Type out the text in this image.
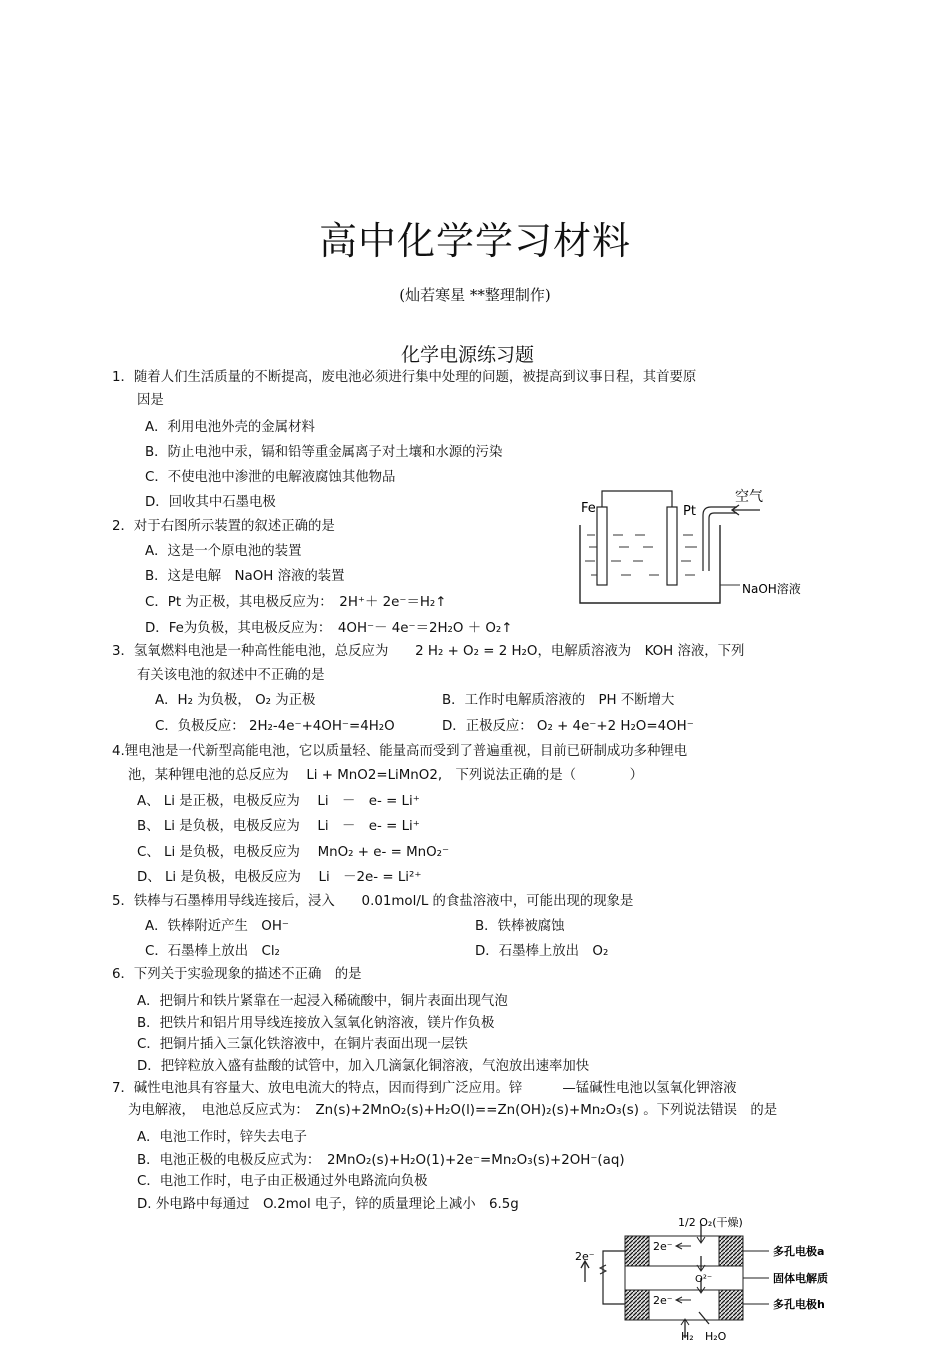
高中化学学习材料
(灿若寒星 **整理制作)
化学电源练习题
1．随着人们生活质量的不断提高，废电池必须进行集中处理的问题，被提高到议事日程，其首要原
因是
A．利用电池外壳的金属材料
B．防止电池中汞，镉和铅等重金属离子对土壤和水源的污染
C．不使电池中渗泄的电解液腐蚀其他物品
D．回收其中石墨电极
2．对于右图所示装置的叙述正确的是
A．这是一个原电池的装置
B．这是电解　NaOH 溶液的装置
C．Pt 为正极，其电极反应为：　2H⁺＋ 2e⁻＝H₂↑
D．Fe为负极，其电极反应为：　4OH⁻－ 4e⁻＝2H₂O ＋ O₂↑
3．氢氧燃料电池是一种高性能电池，总反应为　　2 H₂ + O₂ = 2 H₂O，电解质溶液为　KOH 溶液，下列
有关该电池的叙述中不正确的是
A．H₂ 为负极， O₂ 为正极	B．工作时电解质溶液的　PH 不断增大
C．负极反应： 2H₂-4e⁻+4OH⁻=4H₂O	D．正极反应： O₂ + 4e⁻+2 H₂O=4OH⁻
4.锂电池是一代新型高能电池，它以质量轻、能量高而受到了普遍重视，目前已研制成功多种锂电
池，某种锂电池的总反应为　 Li + MnO2=LiMnO2,　下列说法正确的是（　　　　）
A、 Li 是正极，电极反应为　 Li　－　e- = Li⁺
B、 Li 是负极，电极反应为　 Li　－　e- = Li⁺
C、 Li 是负极，电极反应为　 MnO₂ + e- = MnO₂⁻
D、 Li 是负极，电极反应为　 Li　－2e- = Li²⁺
5．铁棒与石墨棒用导线连接后，浸入　　0.01mol/L 的食盐溶液中，可能出现的现象是
A．铁棒附近产生　OH⁻	B．铁棒被腐蚀
C．石墨棒上放出　Cl₂	D．石墨棒上放出　O₂
6．下列关于实验现象的描述不正确　的是
A．把铜片和铁片紧靠在一起浸入稀硫酸中，铜片表面出现气泡
B．把铁片和铝片用导线连接放入氢氧化钠溶液，镁片作负极
C．把铜片插入三氯化铁溶液中，在铜片表面出现一层铁
D．把锌粒放入盛有盐酸的试管中，加入几滴氯化铜溶液，气泡放出速率加快
7．碱性电池具有容量大、放电电流大的特点，因而得到广泛应用。锌　　　—锰碱性电池以氢氧化钾溶液
为电解液，　电池总反应式为：　Zn(s)+2MnO₂(s)+H₂O(l)==Zn(OH)₂(s)+Mn₂O₃(s) 。下列说法错误　的是
A．电池工作时，锌失去电子
B．电池正极的电极反应式为：　2MnO₂(s)+H₂O(1)+2e⁻=Mn₂O₃(s)+2OH⁻(aq)
C．电池工作时，电子由正极通过外电路流向负极
D. 外电路中每通过　O.2mol 电子，锌的质量理论上减小　6.5g
Fe	Pt
空气
NaOH溶液
1/2 O₂(干燥)
2e⁻
2e⁻
2e⁻
O²⁻
多孔电极a
固体电解质
多孔电极h
H₂ H₂O
